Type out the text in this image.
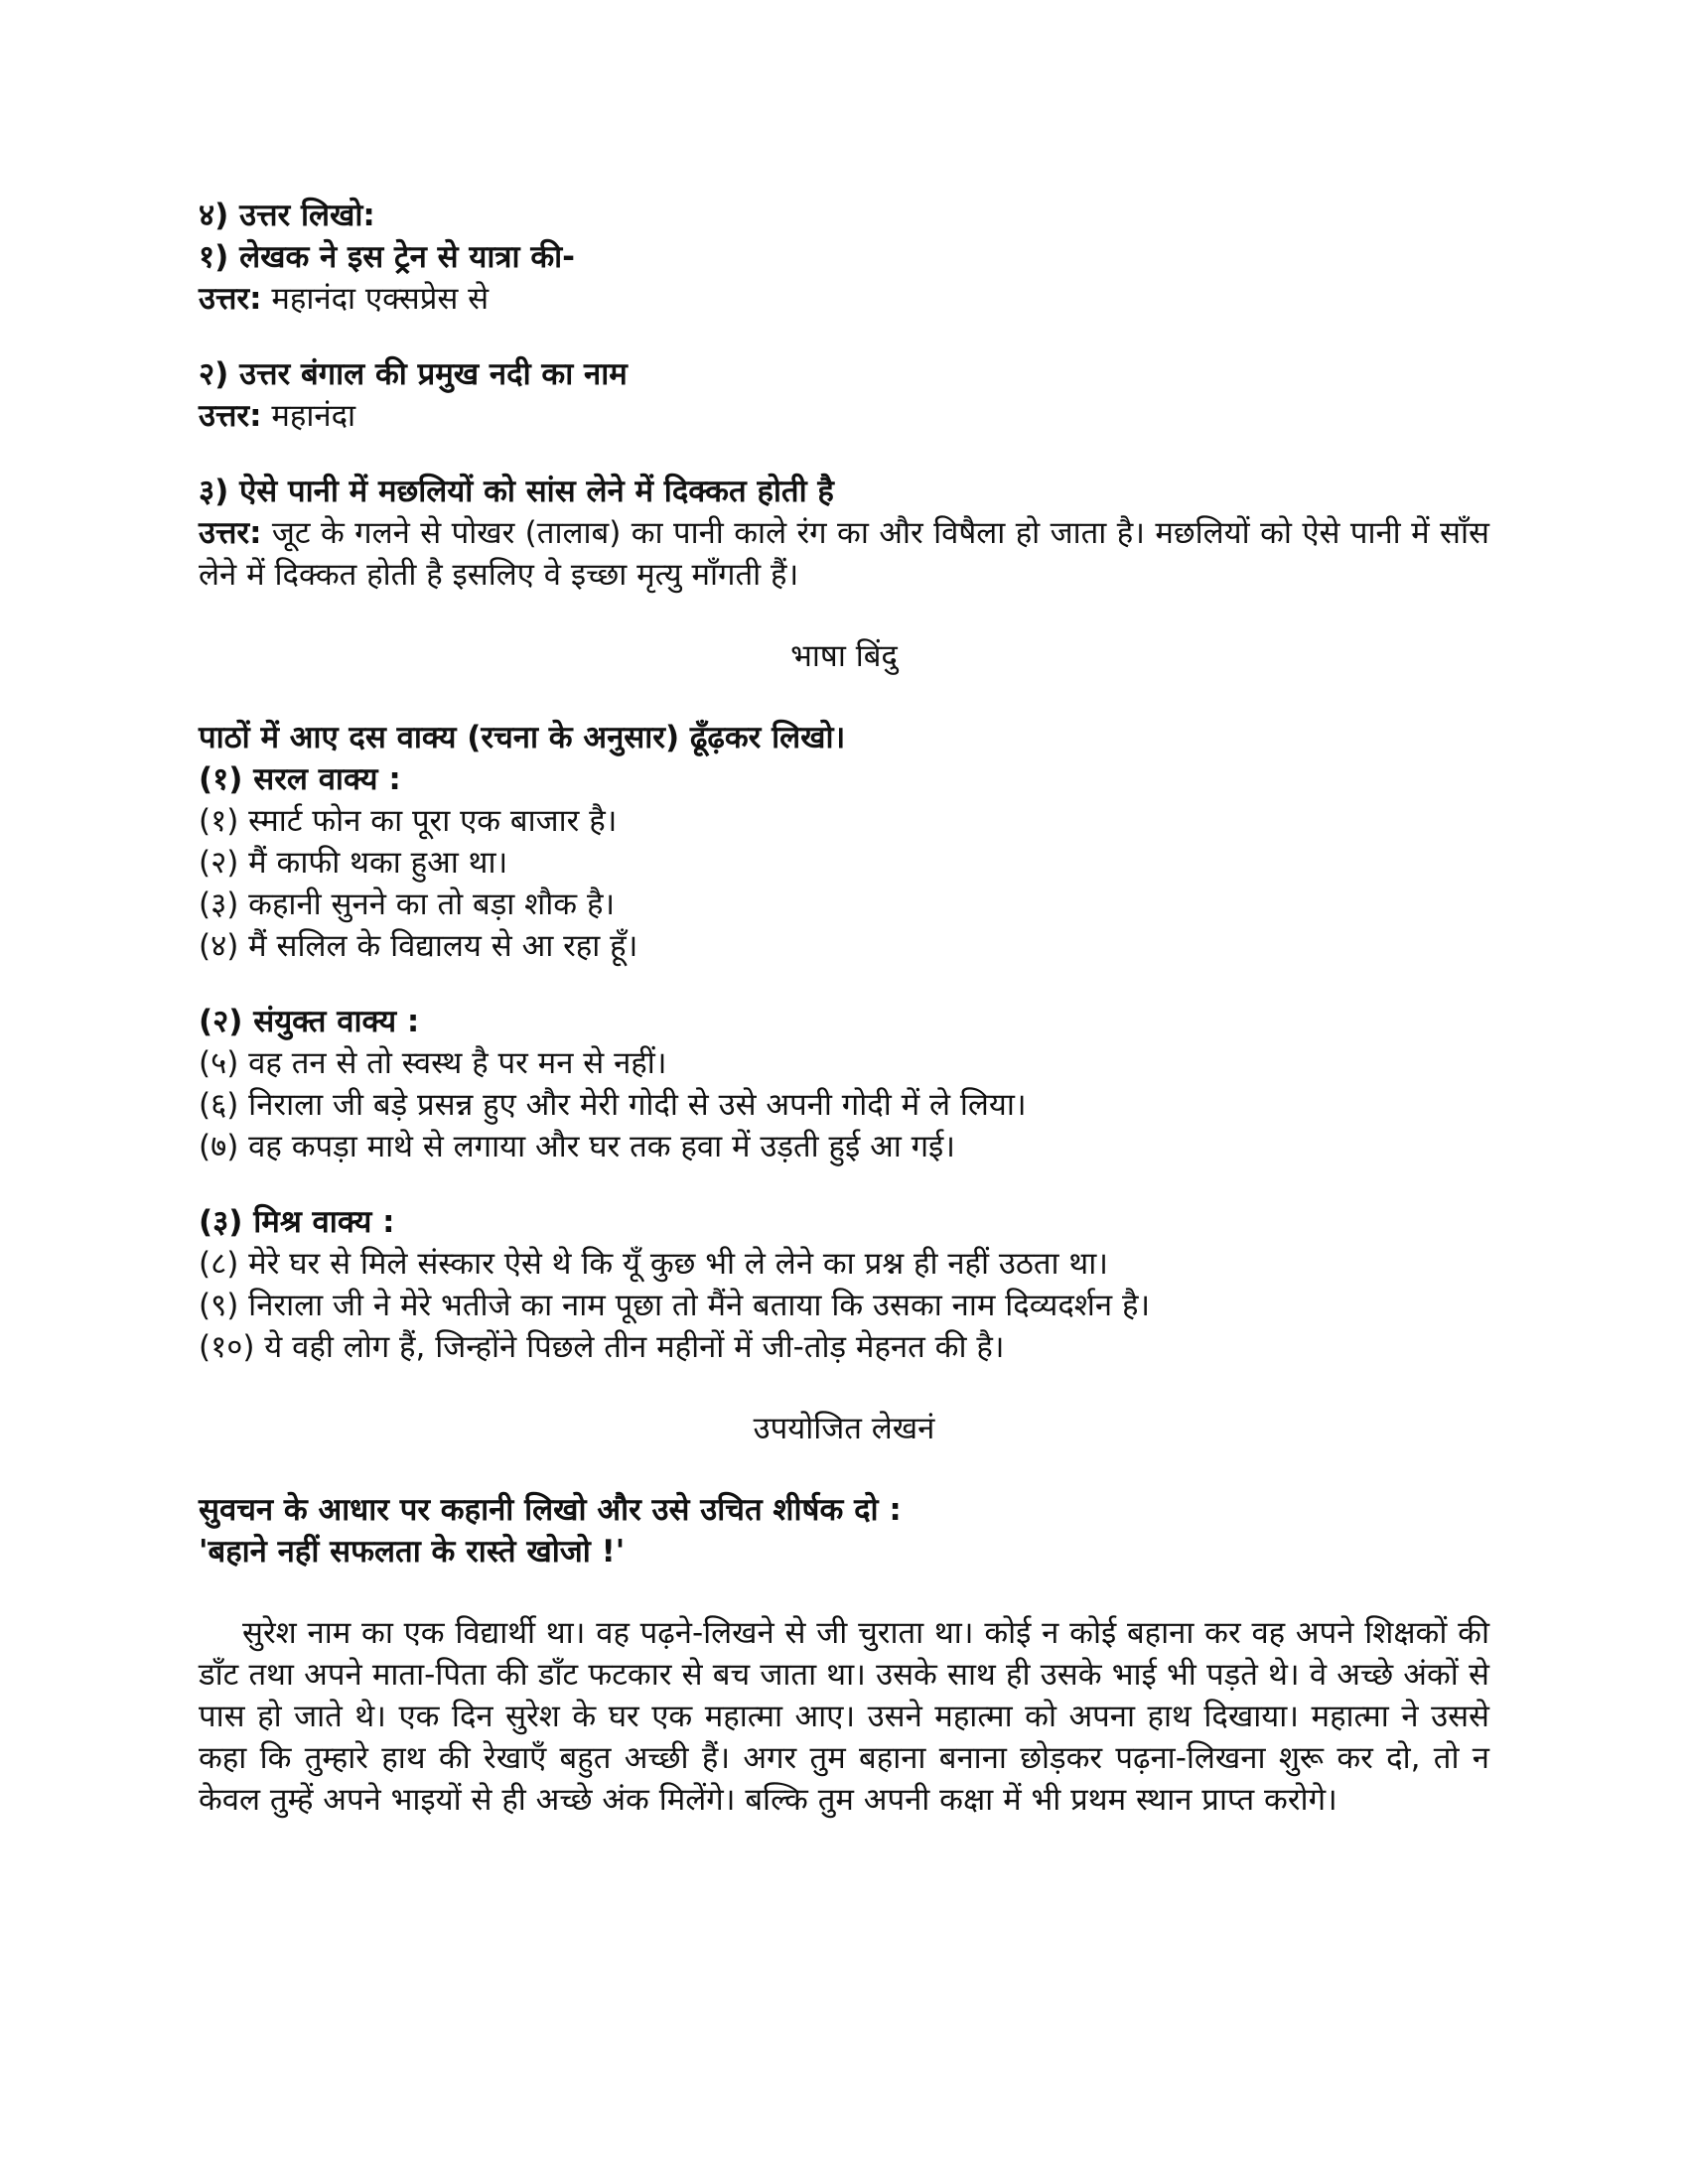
४) उत्तर लिखो:
१) लेखक ने इस ट्रेन से यात्रा की-
उत्तर: महानंदा एक्सप्रेस से
२) उत्तर बंगाल की प्रमुख नदी का नाम
उत्तर: महानंदा
३) ऐसे पानी में मछलियों को सांस लेने में दिक्कत होती है
उत्तर: जूट के गलने से पोखर (तालाब) का पानी काले रंग का और विषैला हो जाता है। मछलियों को ऐसे पानी में साँस लेने में दिक्कत होती है इसलिए वे इच्छा मृत्यु माँगती हैं।
भाषा बिंदु
पाठों में आए दस वाक्य (रचना के अनुसार) ढूँढ़कर लिखो।
(१) सरल वाक्य :
(१) स्मार्ट फोन का पूरा एक बाजार है।
(२) मैं काफी थका हुआ था।
(३) कहानी सुनने का तो बड़ा शौक है।
(४) मैं सलिल के विद्यालय से आ रहा हूँ।
(२) संयुक्त वाक्य :
(५) वह तन से तो स्वस्थ है पर मन से नहीं।
(६) निराला जी बड़े प्रसन्न हुए और मेरी गोदी से उसे अपनी गोदी में ले लिया।
(७) वह कपड़ा माथे से लगाया और घर तक हवा में उड़ती हुई आ गई।
(३) मिश्र वाक्य :
(८) मेरे घर से मिले संस्कार ऐसे थे कि यूँ कुछ भी ले लेने का प्रश्न ही नहीं उठता था।
(९) निराला जी ने मेरे भतीजे का नाम पूछा तो मैंने बताया कि उसका नाम दिव्यदर्शन है।
(१०) ये वही लोग हैं, जिन्होंने पिछले तीन महीनों में जी-तोड़ मेहनत की है।
उपयोजित लेखनं
सुवचन के आधार पर कहानी लिखो और उसे उचित शीर्षक दो :
'बहाने नहीं सफलता के रास्ते खोजो !'
सुरेश नाम का एक विद्यार्थी था। वह पढ़ने-लिखने से जी चुराता था। कोई न कोई बहाना कर वह अपने शिक्षकों की डाँट तथा अपने माता-पिता की डाँट फटकार से बच जाता था। उसके साथ ही उसके भाई भी पड़ते थे। वे अच्छे अंकों से पास हो जाते थे। एक दिन सुरेश के घर एक महात्मा आए। उसने महात्मा को अपना हाथ दिखाया। महात्मा ने उससे कहा कि तुम्हारे हाथ की रेखाएँ बहुत अच्छी हैं। अगर तुम बहाना बनाना छोड़कर पढ़ना-लिखना शुरू कर दो, तो न केवल तुम्हें अपने भाइयों से ही अच्छे अंक मिलेंगे। बल्कि तुम अपनी कक्षा में भी प्रथम स्थान प्राप्त करोगे।
